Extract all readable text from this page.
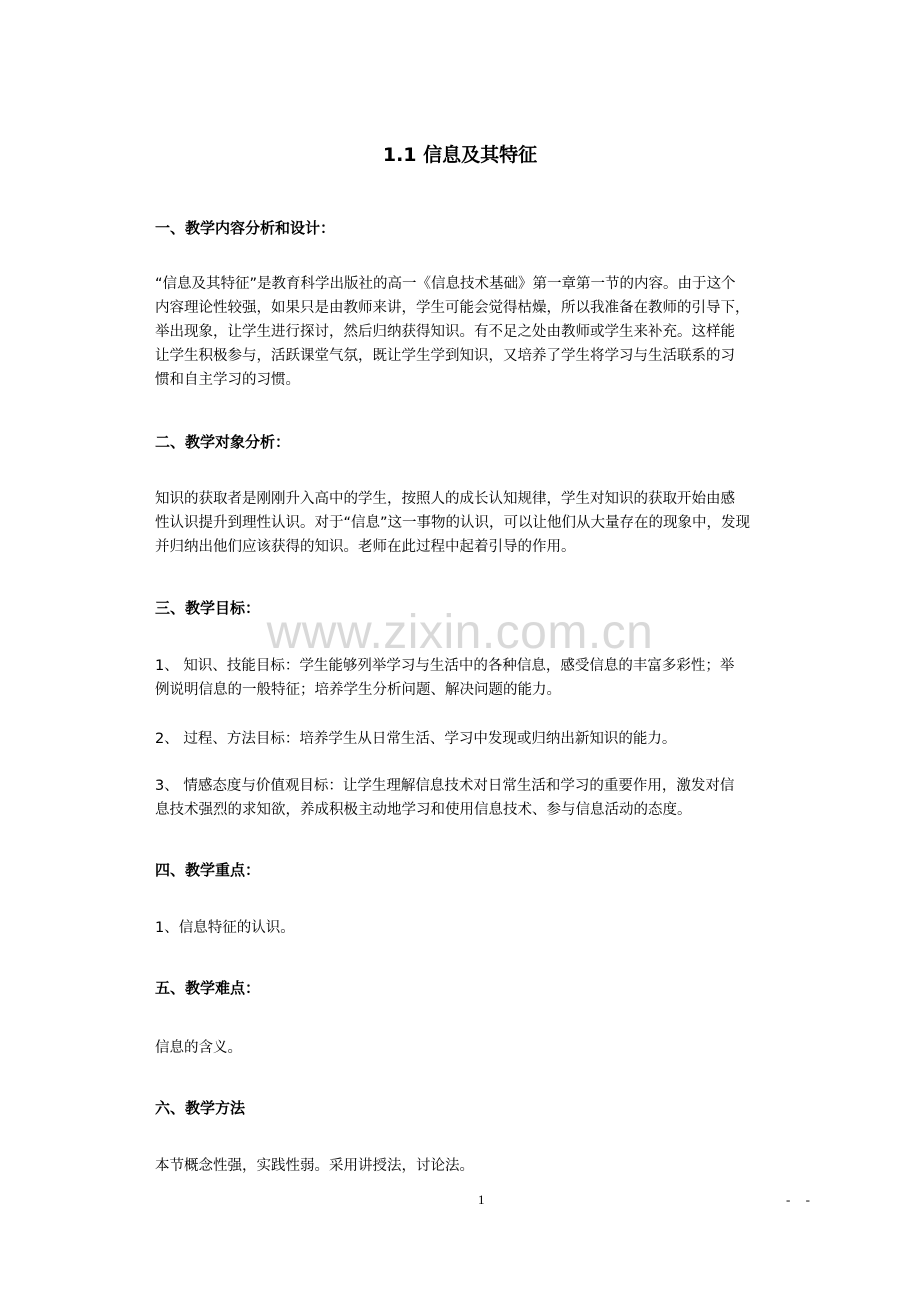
www.zixin.com.cn
1.1 信息及其特征
一、教学内容分析和设计：
“信息及其特征”是教育科学出版社的高一《信息技术基础》第一章第一节的内容。由于这个
内容理论性较强，如果只是由教师来讲，学生可能会觉得枯燥，所以我准备在教师的引导下，
举出现象，让学生进行探讨，然后归纳获得知识。有不足之处由教师或学生来补充。这样能
让学生积极参与，活跃课堂气氛，既让学生学到知识，又培养了学生将学习与生活联系的习
惯和自主学习的习惯。
二、教学对象分析：
知识的获取者是刚刚升入高中的学生，按照人的成长认知规律，学生对知识的获取开始由感
性认识提升到理性认识。对于“信息”这一事物的认识，可以让他们从大量存在的现象中，发现
并归纳出他们应该获得的知识。老师在此过程中起着引导的作用。
三、教学目标：
1、 知识、技能目标：学生能够列举学习与生活中的各种信息，感受信息的丰富多彩性；举
例说明信息的一般特征；培养学生分析问题、解决问题的能力。
2、 过程、方法目标：培养学生从日常生活、学习中发现或归纳出新知识的能力。
3、 情感态度与价值观目标：让学生理解信息技术对日常生活和学习的重要作用，激发对信
息技术强烈的求知欲，养成积极主动地学习和使用信息技术、参与信息活动的态度。
四、教学重点：
1、信息特征的认识。
五、教学难点：
信息的含义。
六、教学方法
本节概念性强，实践性弱。采用讲授法，讨论法。
1	- -
